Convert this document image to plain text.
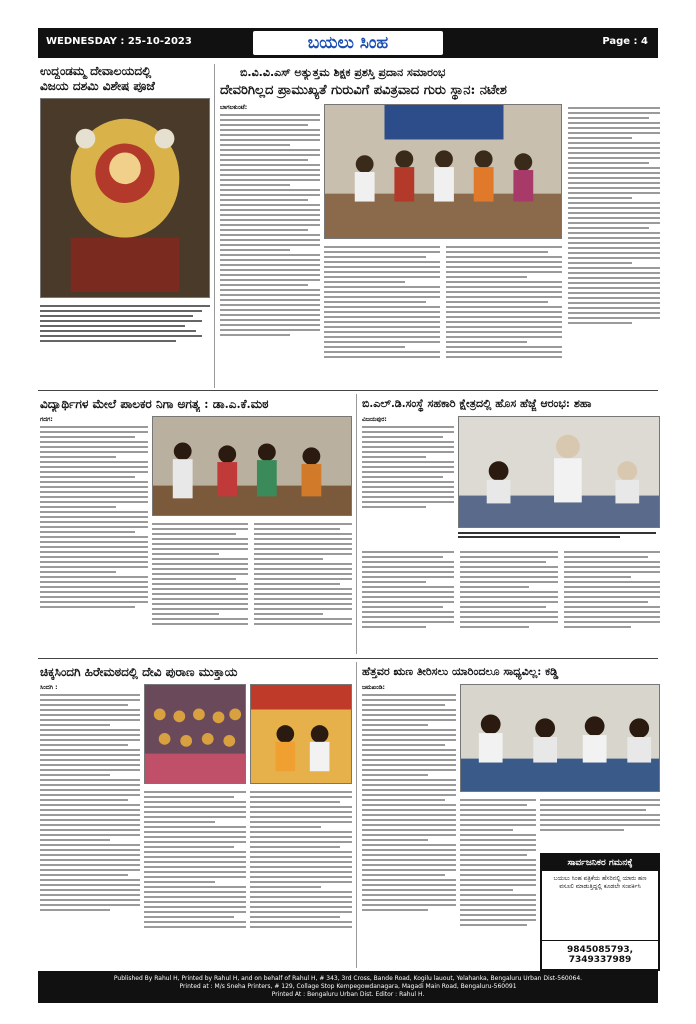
WEDNESDAY : 25-10-2023	ಬಯಲು ಸಿಂಹ	Page : 4
ಉದ್ದಂಡಮ್ಮ ದೇವಾಲಯದಲ್ಲಿ
ವಿಜಯ ದಶಮಿ ವಿಶೇಷ ಪೂಜೆ
ಬಿ.ವಿ.ವಿ.ಎಸ್ ಅತ್ಯುತ್ತಮ ಶಿಕ್ಷಕ ಪ್ರಶಸ್ತಿ ಪ್ರದಾನ ಸಮಾರಂಭ
ದೇವರಿಗಿಲ್ಲದ ಪ್ರಾಮುಖ್ಯತೆ ಗುರುವಿಗೆ ಪವಿತ್ರವಾದ ಗುರು ಸ್ಥಾನ: ನಟೇಶ
ಬಾಗಲಕುಂಟೆ:
ವಿದ್ಯಾರ್ಥಿಗಳ ಮೇಲೆ ಪಾಲಕರ ನಿಗಾ ಅಗತ್ಯ : ಡಾ.ಎ.ಕೆ.ಮಠ
ಗದಗ:
ಬಿ.ಎಲ್.ಡಿ.ಸಂಸ್ಥೆ ಸಹಕಾರಿ ಕ್ಷೇತ್ರದಲ್ಲಿ ಹೊಸ ಹೆಜ್ಜೆ ಆರಂಭ: ಶಹಾ
ವಿಜಯಪುರ:
ಚಿಕ್ಕಸಿಂದಗಿ ಹಿರೇಮಠದಲ್ಲಿ ದೇವಿ ಪುರಾಣ ಮುಕ್ತಾಯ
ಸಿಂದಗಿ :
ಹೆತ್ತವರ ಋಣ ತೀರಿಸಲು ಯಾರಿಂದಲೂ ಸಾಧ್ಯವಿಲ್ಲ: ಕಡ್ಡಿ
ಜಮಖಂಡಿ:
ಸಾರ್ವಜನಿಕರ ಗಮನಕ್ಕೆ
ಬಯಲು ಸಿಂಹ ಪತ್ರಿಕೆಯ ಹೆಸರಿನಲ್ಲಿ ಯಾರು ಹಣ ವಸೂಲಿ ಮಾಡುತ್ತಿದ್ದಲ್ಲಿ ಕೂಡಲೇ ಸಂಪರ್ಕಿಸಿ
9845085793, 7349337989
Published By Rahul H, Printed by Rahul H, and on behalf of Rahul H, # 343, 3rd Cross, Bande Road, Kogilu lauout, Yelahanka, Bengaluru Urban Dist-560064.
Printed at : M/s Sneha Printers, # 129, Collage Stop Kempegowdanagara, Magadi Main Road, Bengaluru-560091
Printed At : Bengaluru Urban Dist. Editor : Rahul H.
